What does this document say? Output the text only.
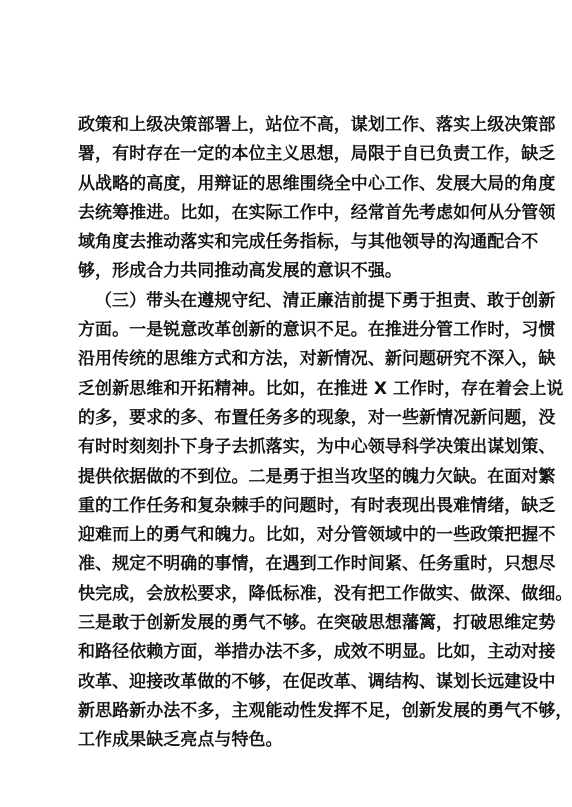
政策和上级决策部署上，站位不高，谋划工作、落实上级决策部
署，有时存在一定的本位主义思想，局限于自已负责工作，缺乏
从战略的高度，用辩证的思维围绕全中心工作、发展大局的角度
去统筹推进。比如，在实际工作中，经常首先考虑如何从分管领
域角度去推动落实和完成任务指标，与其他领导的沟通配合不
够，形成合力共同推动高发展的意识不强。
（三）带头在遵规守纪、清正廉洁前提下勇于担责、敢于创新
方面。一是锐意改革创新的意识不足。在推进分管工作时，习惯
沿用传统的思维方式和方法，对新情况、新问题研究不深入，缺
乏创新思维和开拓精神。比如，在推进 X 工作时，存在着会上说
的多，要求的多、布置任务多的现象，对一些新情况新问题，没
有时时刻刻扑下身子去抓落实，为中心领导科学决策出谋划策、
提供依据做的不到位。二是勇于担当攻坚的魄力欠缺。在面对繁
重的工作任务和复杂棘手的问题时，有时表现出畏难情绪，缺乏
迎难而上的勇气和魄力。比如，对分管领域中的一些政策把握不
准、规定不明确的事情，在遇到工作时间紧、任务重时，只想尽
快完成，会放松要求，降低标准，没有把工作做实、做深、做细。
三是敢于创新发展的勇气不够。在突破思想藩篱，打破思维定势
和路径依赖方面，举措办法不多，成效不明显。比如，主动对接
改革、迎接改革做的不够，在促改革、调结构、谋划长远建设中
新思路新办法不多，主观能动性发挥不足，创新发展的勇气不够，
工作成果缺乏亮点与特色。
